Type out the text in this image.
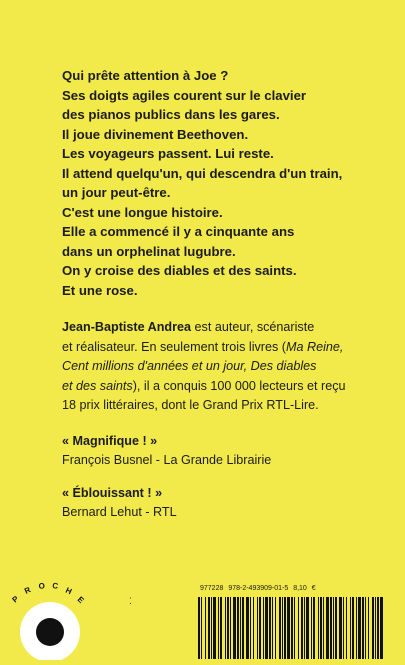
Qui prête attention à Joe ?
Ses doigts agiles courent sur le clavier
des pianos publics dans les gares.
Il joue divinement Beethoven.
Les voyageurs passent. Lui reste.
Il attend quelqu'un, qui descendra d'un train,
un jour peut-être.
C'est une longue histoire.
Elle a commencé il y a cinquante ans
dans un orphelinat lugubre.
On y croise des diables et des saints.
Et une rose.
Jean-Baptiste Andrea est auteur, scénariste
et réalisateur. En seulement trois livres (Ma Reine,
Cent millions d'années et un jour, Des diables
et des saints), il a conquis 100 000 lecteurs et reçu
18 prix littéraires, dont le Grand Prix RTL-Lire.
« Magnifique ! »
François Busnel - La Grande Librairie
« Éblouissant ! »
Bernard Lehut - RTL
P
R O C H
E	⁚
977228 978-2-493909-01-5 8,10 €
